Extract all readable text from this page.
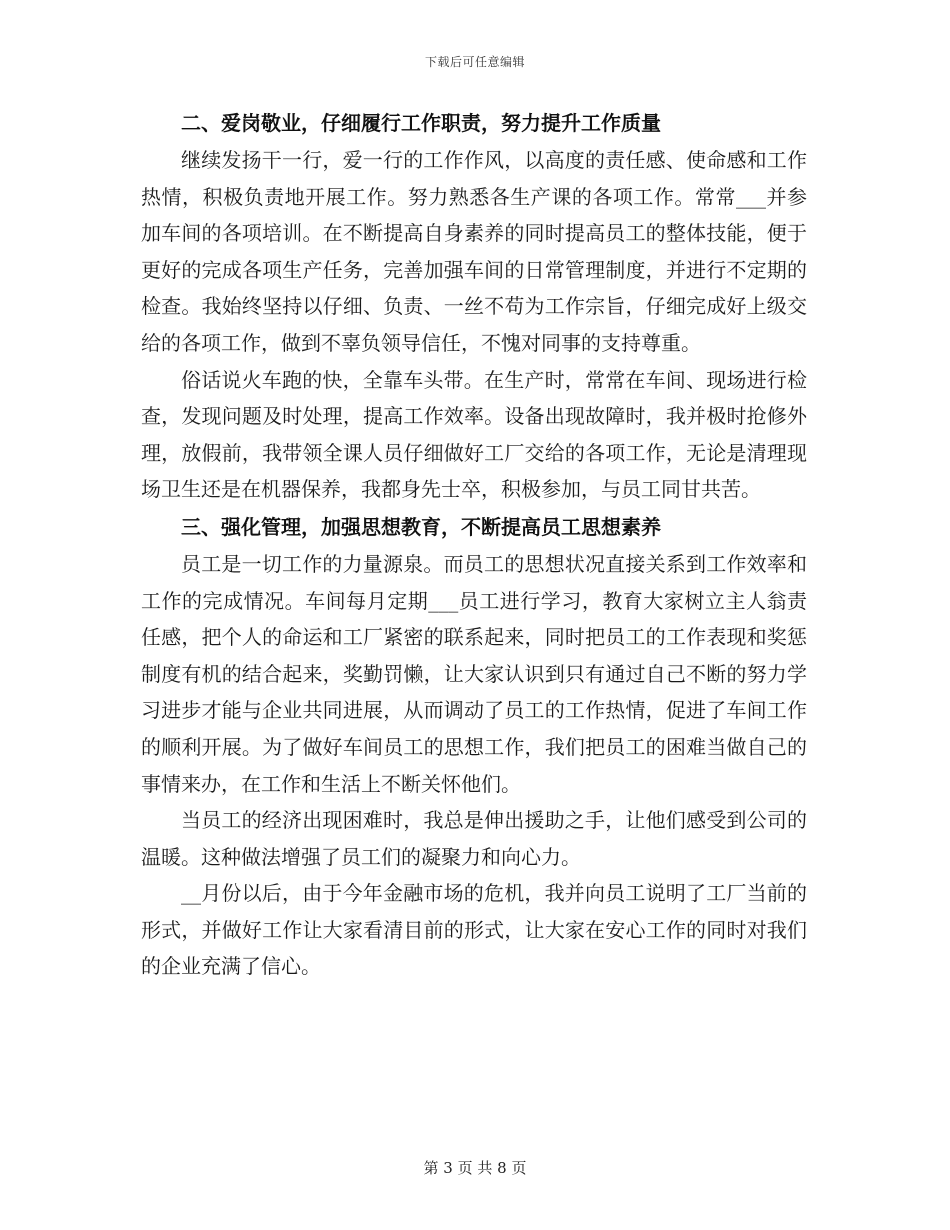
下载后可任意编辑
二、爱岗敬业，仔细履行工作职责，努力提升工作质量

继续发扬干一行，爱一行的工作作风，以高度的责任感、使命感和工作热情，积极负责地开展工作。努力熟悉各生产课的各项工作。常常___并参加车间的各项培训。在不断提高自身素养的同时提高员工的整体技能，便于更好的完成各项生产任务，完善加强车间的日常管理制度，并进行不定期的检查。我始终坚持以仔细、负责、一丝不苟为工作宗旨，仔细完成好上级交给的各项工作，做到不辜负领导信任，不愧对同事的支持尊重。

俗话说火车跑的快，全靠车头带。在生产时，常常在车间、现场进行检查，发现问题及时处理，提高工作效率。设备出现故障时，我并极时抢修外理，放假前，我带领全课人员仔细做好工厂交给的各项工作，无论是清理现场卫生还是在机器保养，我都身先士卒，积极参加，与员工同甘共苦。

三、强化管理，加强思想教育，不断提高员工思想素养

员工是一切工作的力量源泉。而员工的思想状况直接关系到工作效率和工作的完成情况。车间每月定期___员工进行学习，教育大家树立主人翁责任感，把个人的命运和工厂紧密的联系起来，同时把员工的工作表现和奖惩制度有机的结合起来，奖勤罚懒，让大家认识到只有通过自己不断的努力学习进步才能与企业共同进展，从而调动了员工的工作热情，促进了车间工作的顺利开展。为了做好车间员工的思想工作，我们把员工的困难当做自己的事情来办，在工作和生活上不断关怀他们。

当员工的经济出现困难时，我总是伸出援助之手，让他们感受到公司的温暖。这种做法增强了员工们的凝聚力和向心力。

__月份以后，由于今年金融市场的危机，我并向员工说明了工厂当前的形式，并做好工作让大家看清目前的形式，让大家在安心工作的同时对我们的企业充满了信心。

第 3 页 共 8 页
